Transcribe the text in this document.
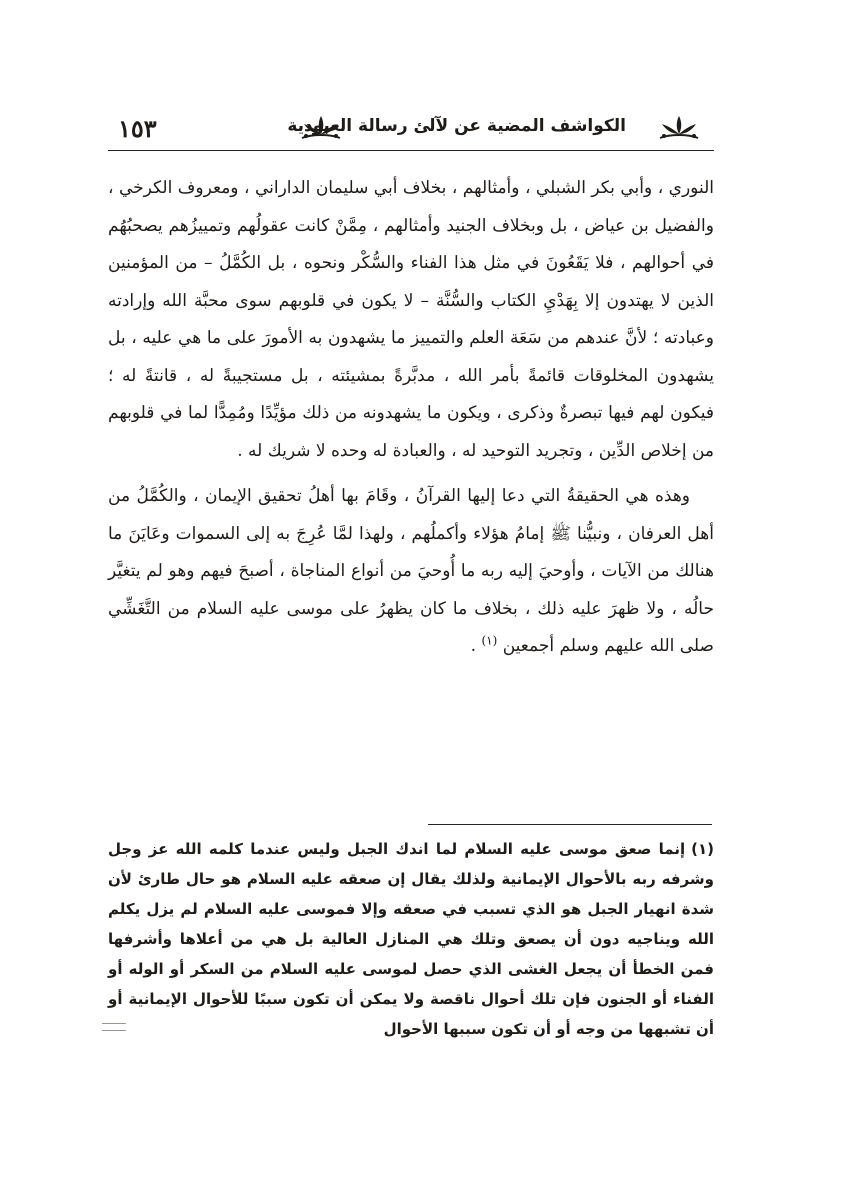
١٥٣	الكواشف المضية عن لآلئ رسالة العبودية

النوري ، وأبي بكر الشبلي ، وأمثالهم ، بخلاف أبي سليمان الداراني ، ومعروف الكرخي ، والفضيل بن عياض ، بل وبخلاف الجنيد وأمثالهم ، مِمَّنْ كانت عقولُهم وتمييزُهم يصحبُهُم في أحوالهم ، فلا يَقَعُونَ في مثل هذا الفناء والسُّكْر ونحوه ، بل الكُمَّلُ – من المؤمنين الذين لا يهتدون إلا بِهَدْيِ الكتاب والسُّنَّة – لا يكون في قلوبهم سوى محبَّة الله وإرادته وعبادته ؛ لأنَّ عندهم من سَعَة العلم والتمييز ما يشهدون به الأمورَ على ما هي عليه ، بل يشهدون المخلوقات قائمةً بأمر الله ، مدبَّرةً بمشيئته ، بل مستجيبةً له ، قانتةً له ؛ فيكون لهم فيها تبصرةٌ وذكرى ، ويكون ما يشهدونه من ذلك مؤيِّدًا ومُمِدًّا لما في قلوبهم من إخلاص الدِّين ، وتجريد التوحيد له ، والعبادة له وحده لا شريك له .

وهذه هي الحقيقةُ التي دعا إليها القرآنُ ، وقَامَ بها أهلُ تحقيق الإيمان ، والكُمَّلُ من أهل العرفان ، ونبيُّنا ﷺ إمامُ هؤلاء وأكملُهم ، ولهذا لمَّا عُرِجَ به إلى السموات وعَايَنَ ما هنالك من الآيات ، وأوحيَ إليه ربه ما أُوحيَ من أنواع المناجاة ، أصبحَ فيهم وهو لم يتغيَّر حالُه ، ولا ظهرَ عليه ذلك ، بخلاف ما كان يظهرُ على موسى عليه السلام من التَّغَشِّي صلى الله عليهم وسلم أجمعين $^{(١)}$ .

(١)إنما صعق موسى عليه السلام لما اندك الجبل وليس عندما كلمه الله عز وجل وشرفه ربه بالأحوال الإيمانية ولذلك يقال إن صعقه عليه السلام هو حال طارئ لأن شدة انهيار الجبل هو الذي تسبب في صعقه وإلا فموسى عليه السلام لم يزل يكلم الله ويناجيه دون أن يصعق وتلك هي المنازل العالية بل هي من أعلاها وأشرفها فمن الخطأ أن يجعل الغشى الذي حصل لموسى عليه السلام من السكر أو الوله أو الفناء أو الجنون فإن تلك أحوال ناقصة ولا يمكن أن تكون سببًا للأحوال الإيمانية أو أن تشبهها من وجه أو أن تكون سببها الأحوال
